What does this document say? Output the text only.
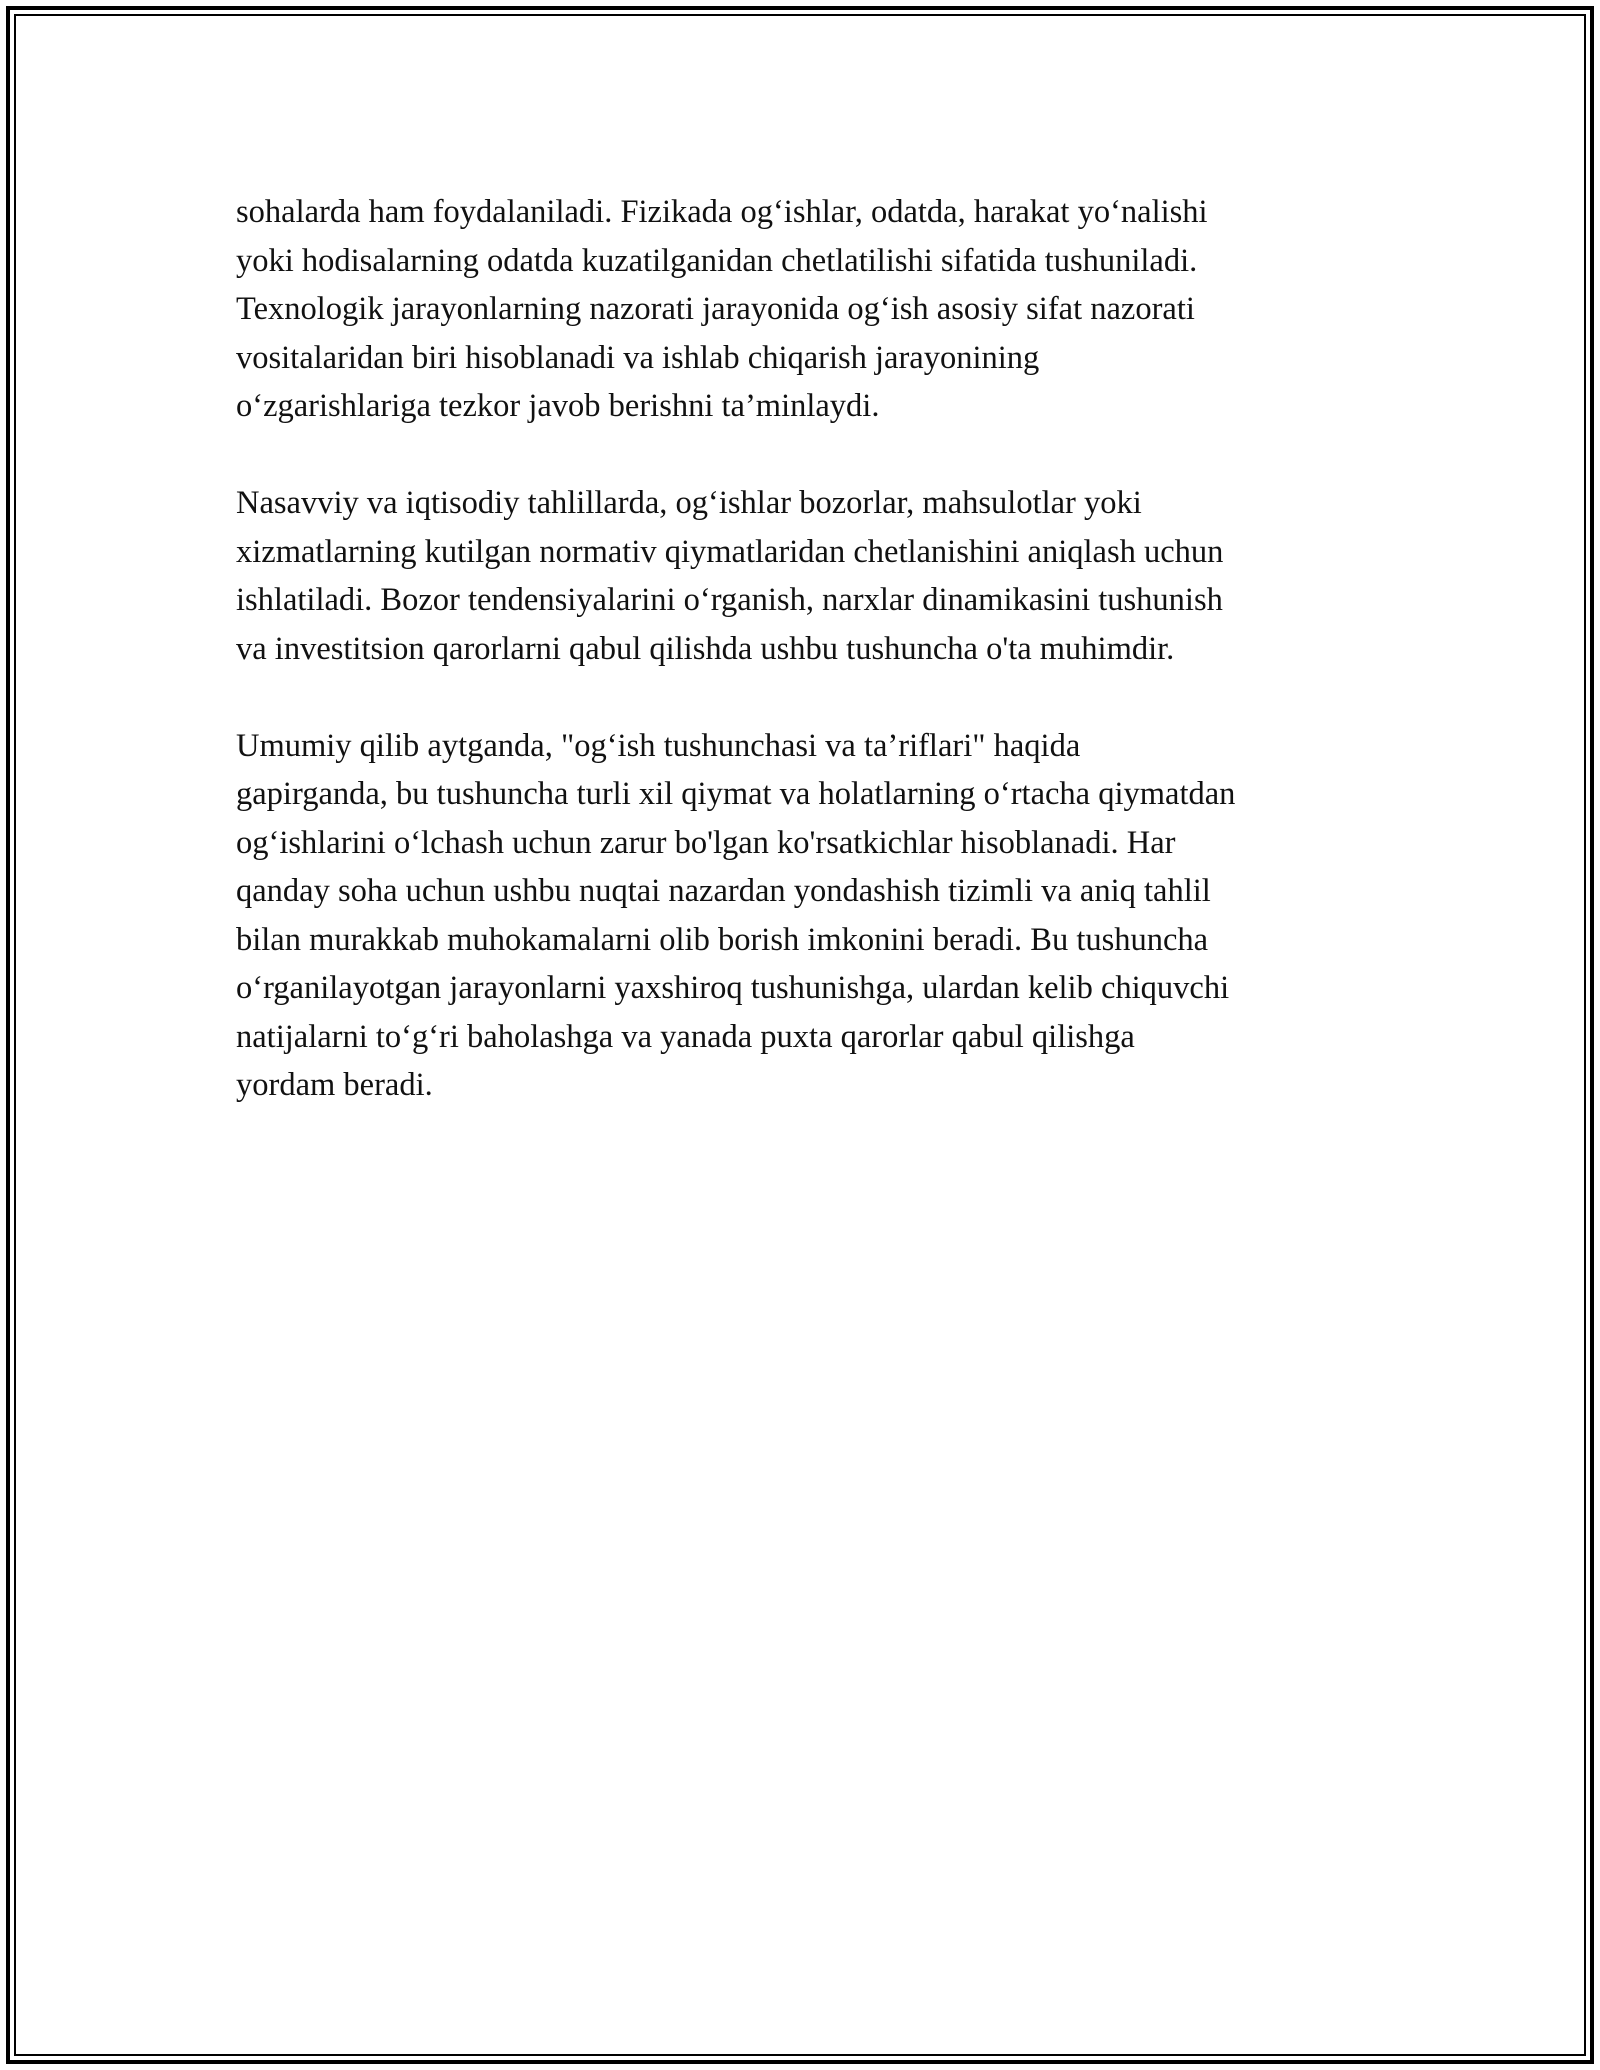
sohalarda ham foydalaniladi. Fizikada og‘ishlar, odatda, harakat yo‘nalishi
yoki hodisalarning odatda kuzatilganidan chetlatilishi sifatida tushuniladi.
Texnologik jarayonlarning nazorati jarayonida og‘ish asosiy sifat nazorati
vositalaridan biri hisoblanadi va ishlab chiqarish jarayonining
o‘zgarishlariga tezkor javob berishni ta’minlaydi.

Nasavviy va iqtisodiy tahlillarda, og‘ishlar bozorlar, mahsulotlar yoki
xizmatlarning kutilgan normativ qiymatlaridan chetlanishini aniqlash uchun
ishlatiladi. Bozor tendensiyalarini o‘rganish, narxlar dinamikasini tushunish
va investitsion qarorlarni qabul qilishda ushbu tushuncha o'ta muhimdir.

Umumiy qilib aytganda, "og‘ish tushunchasi va ta’riflari" haqida
gapirganda, bu tushuncha turli xil qiymat va holatlarning o‘rtacha qiymatdan
og‘ishlarini o‘lchash uchun zarur bo'lgan ko'rsatkichlar hisoblanadi. Har
qanday soha uchun ushbu nuqtai nazardan yondashish tizimli va aniq tahlil
bilan murakkab muhokamalarni olib borish imkonini beradi. Bu tushuncha
o‘rganilayotgan jarayonlarni yaxshiroq tushunishga, ulardan kelib chiquvchi
natijalarni to‘g‘ri baholashga va yanada puxta qarorlar qabul qilishga
yordam beradi.
